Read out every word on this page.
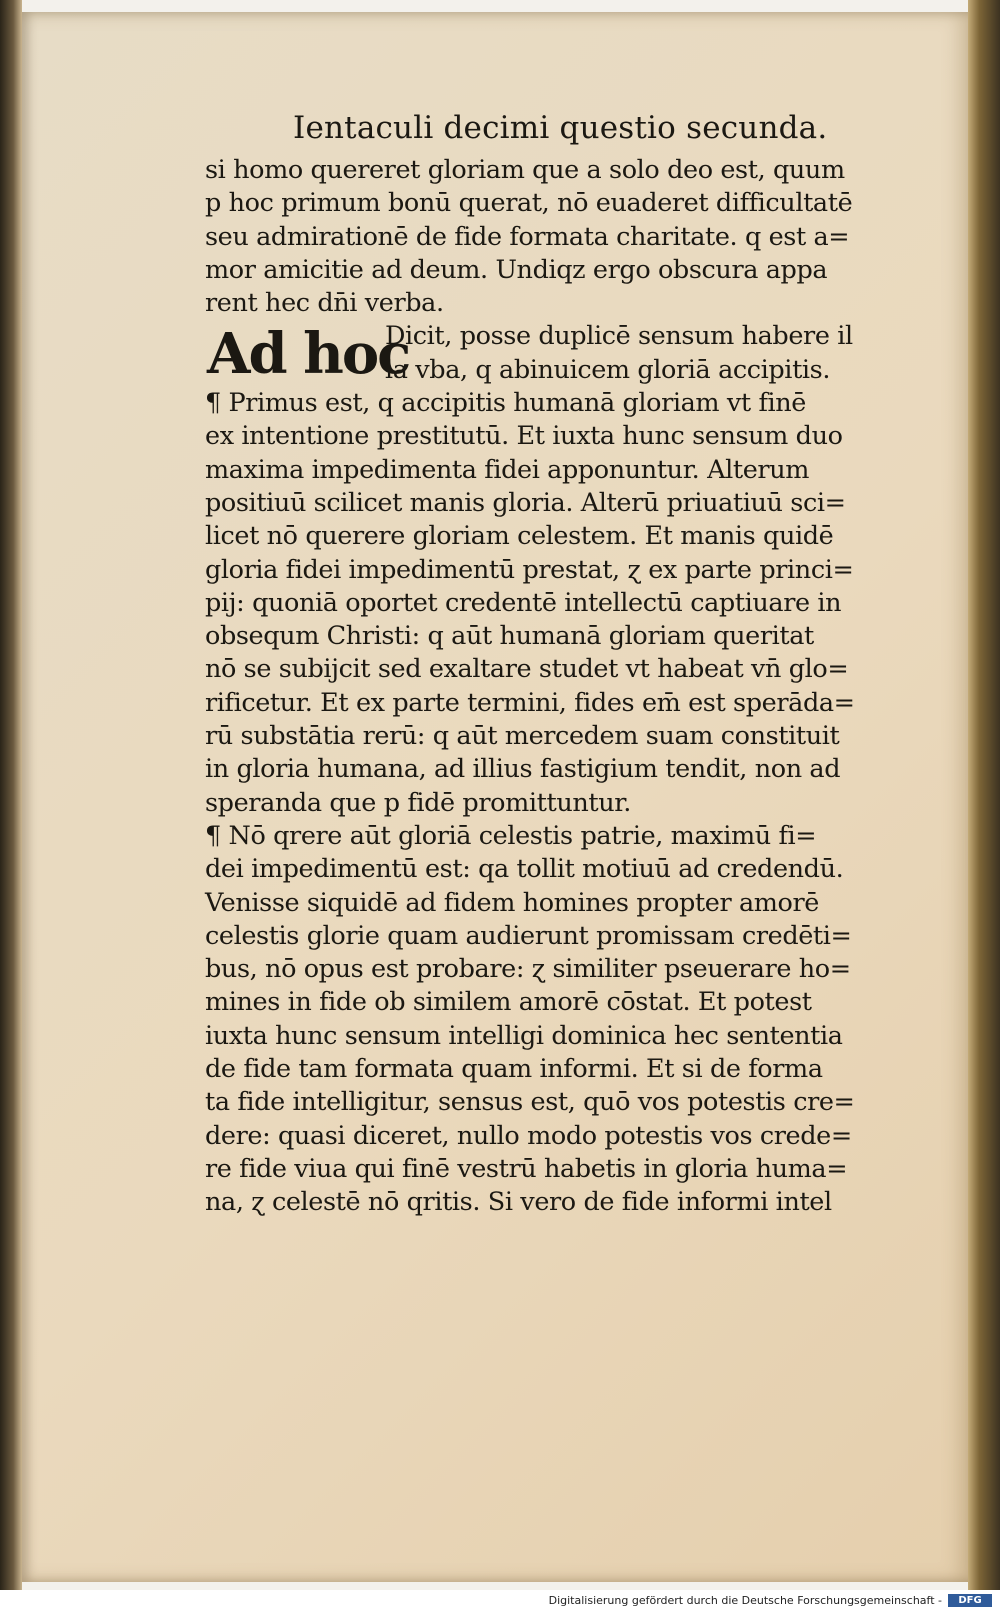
Ientaculi decimi questio secunda.
si homo quereret gloriam que a solo deo est, quum
p hoc primum bonū querat, nō euaderet difficultatē
seu admirationē de fide formata charitate. q est a=
mor amicitie ad deum. Undiqz ergo obscura appa
rent hec dn̄i verba.
Ad hoc
Dicit, posse duplicē sensum habere il
la vba, q abinuicem gloriā accipitis.
¶ Primus est, q accipitis humanā gloriam vt finē
ex intentione prestitutū. Et iuxta hunc sensum duo
maxima impedimenta fidei apponuntur. Alterum
positiuū scilicet manis gloria. Alterū priuatiuū sci=
licet nō querere gloriam celestem. Et manis quidē
gloria fidei impedimentū prestat, ɀ ex parte princi=
pij: quoniā oportet credentē intellectū captiuare in
obsequm Christi: q aūt humanā gloriam queritat
nō se subijcit sed exaltare studet vt habeat vn̄ glo=
rificetur. Et ex parte termini, fides em̄ est sperāda=
rū substātia rerū: q aūt mercedem suam constituit
in gloria humana, ad illius fastigium tendit, non ad
speranda que p fidē promittuntur.
¶ Nō qrere aūt gloriā celestis patrie, maximū fi=
dei impedimentū est: qa tollit motiuū ad credendū.
Venisse siquidē ad fidem homines propter amorē
celestis glorie quam audierunt promissam credēti=
bus, nō opus est probare: ɀ similiter pseuerare ho=
mines in fide ob similem amorē cōstat. Et potest
iuxta hunc sensum intelligi dominica hec sententia
de fide tam formata quam informi. Et si de forma
ta fide intelligitur, sensus est, quō vos potestis cre=
dere: quasi diceret, nullo modo potestis vos crede=
re fide viua qui finē vestrū habetis in gloria huma=
na, ɀ celestē nō qritis. Si vero de fide informi intel
Digitalisierung gefördert durch die Deutsche Forschungsgemeinschaft -	DFG
